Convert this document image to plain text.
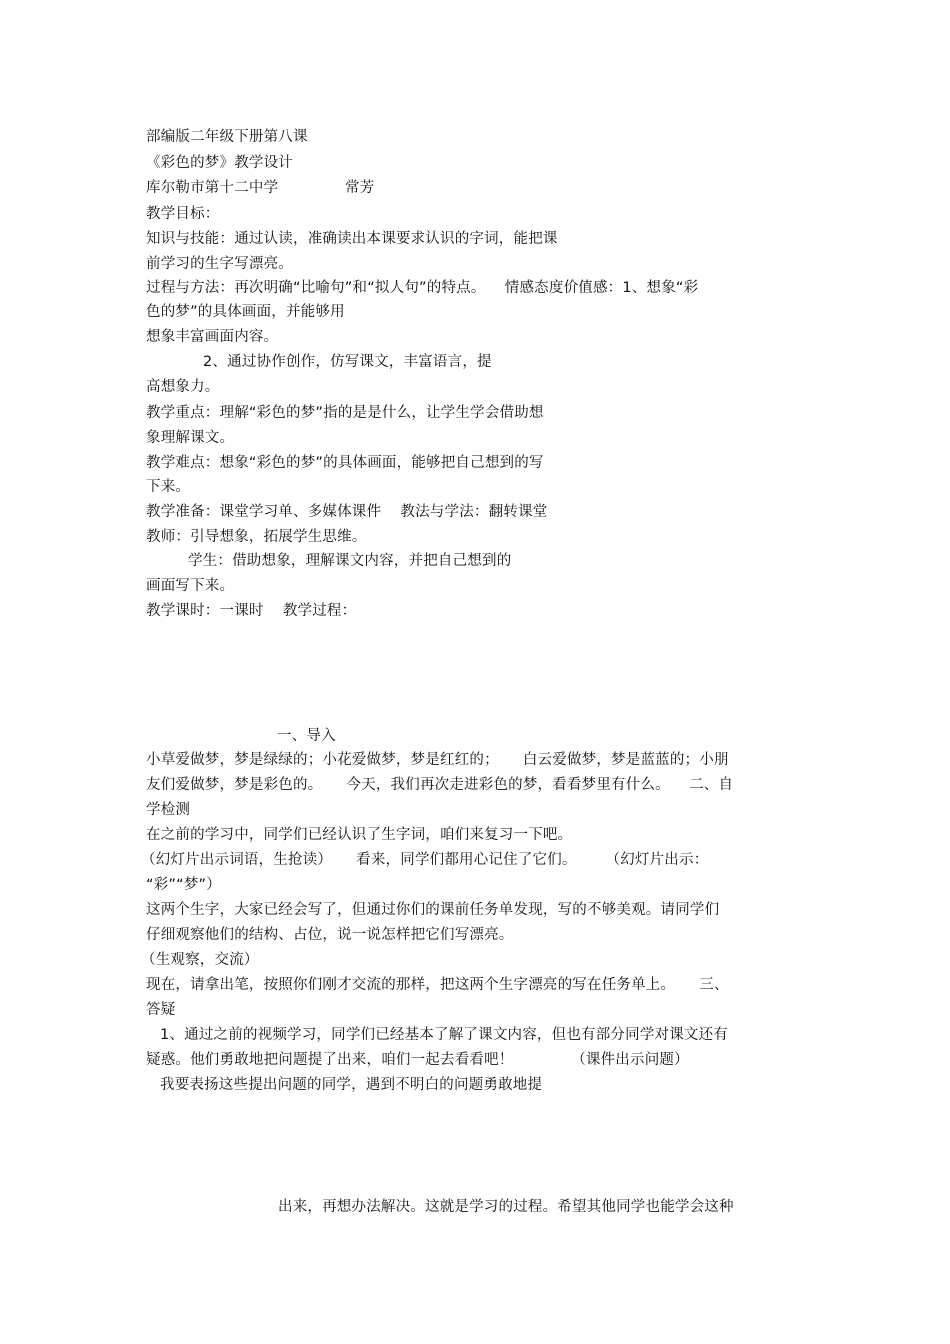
部编版二年级下册第八课
《彩色的梦》教学设计
库尔勒市第十二中学	常芳
教学目标：
知识与技能：通过认读，准确读出本课要求认识的字词，能把课
前学习的生字写漂亮。
过程与方法：再次明确“比喻句”和“拟人句”的特点。    情感态度价值感：1、想象“彩
色的梦”的具体画面，并能够用
想象丰富画面内容。
2、通过协作创作，仿写课文，丰富语言，提
高想象力。
教学重点：理解“彩色的梦”指的是是什么，让学生学会借助想
象理解课文。
教学难点：想象“彩色的梦”的具体画面，能够把自己想到的写
下来。
教学准备：课堂学习单、多媒体课件    教法与学法：翻转课堂
教师：引导想象，拓展学生思维。
学生：借助想象，理解课文内容，并把自己想到的
画面写下来。
教学课时：一课时    教学过程：
一、导入
小草爱做梦，梦是绿绿的；小花爱做梦，梦是红红的；     白云爱做梦，梦是蓝蓝的；小朋
友们爱做梦，梦是彩色的。     今天，我们再次走进彩色的梦，看看梦里有什么。    二、自
学检测
在之前的学习中，同学们已经认识了生字词，咱们来复习一下吧。
（幻灯片出示词语，生抢读）     看来，同学们都用心记住了它们。      （幻灯片出示：
“彩”“梦”）
这两个生字，大家已经会写了，但通过你们的课前任务单发现，写的不够美观。请同学们
仔细观察他们的结构、占位，说一说怎样把它们写漂亮。
（生观察，交流）
现在，请拿出笔，按照你们刚才交流的那样，把这两个生字漂亮的写在任务单上。     三、
答疑
1、通过之前的视频学习，同学们已经基本了解了课文内容，但也有部分同学对课文还有
疑惑。他们勇敢地把问题提了出来，咱们一起去看看吧！            （课件出示问题）
我要表扬这些提出问题的同学，遇到不明白的问题勇敢地提
出来，再想办法解决。这就是学习的过程。希望其他同学也能学会这种
